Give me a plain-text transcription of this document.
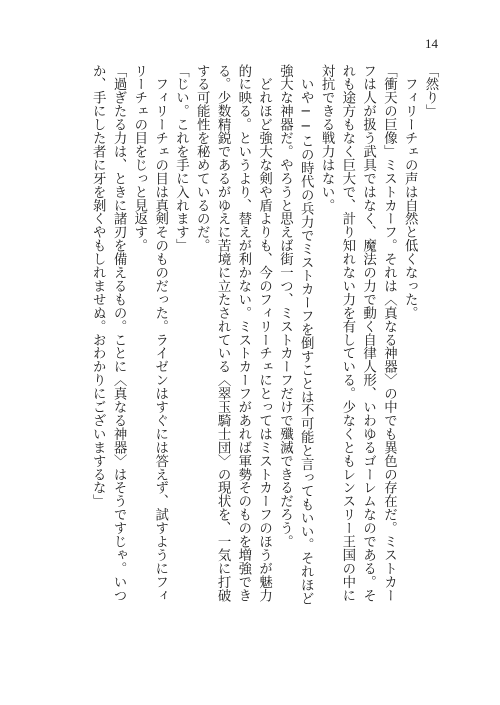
14
「然り」
　フィリーチェの声は自然と低くなった。
「衝天の巨像」ミストカーフ。それは〈真なる神器〉の中でも異色の存在だ。ミストカー
フは人が扱う武具ではなく、魔法の力で動く自律人形、いわゆるゴーレムなのである。そ
れも途方もなく巨大で、計り知れない力を有している。少なくともレンスリー王国の中に
対抗できる戦力はない。
　いや──この時代の兵力でミストカーフを倒すことは不可能と言ってもいい。それほど
強大な神器だ。やろうと思えば街一つ、ミストカーフだけで殲滅できるだろう。
　どれほど強大な剣や盾よりも、今のフィリーチェにとってはミストカーフのほうが魅力
的に映る。というより、替えが利かない。ミストカーフがあれば軍勢そのものを増強でき
る。少数精鋭であるがゆえに苦境に立たされている〈翠玉騎士団〉の現状を、一気に打破
する可能性を秘めているのだ。
「じい。これを手に入れます」
　フィリーチェの目は真剣そのものだった。ライゼンはすぐには答えず、試すようにフィ
リーチェの目をじっと見返す。
「過ぎたる力は、ときに諸刃を備えるもの。ことに〈真なる神器〉はそうですじゃ。いつ
か、手にした者に牙を剝くやもしれませぬ。おわかりにございまするな」
